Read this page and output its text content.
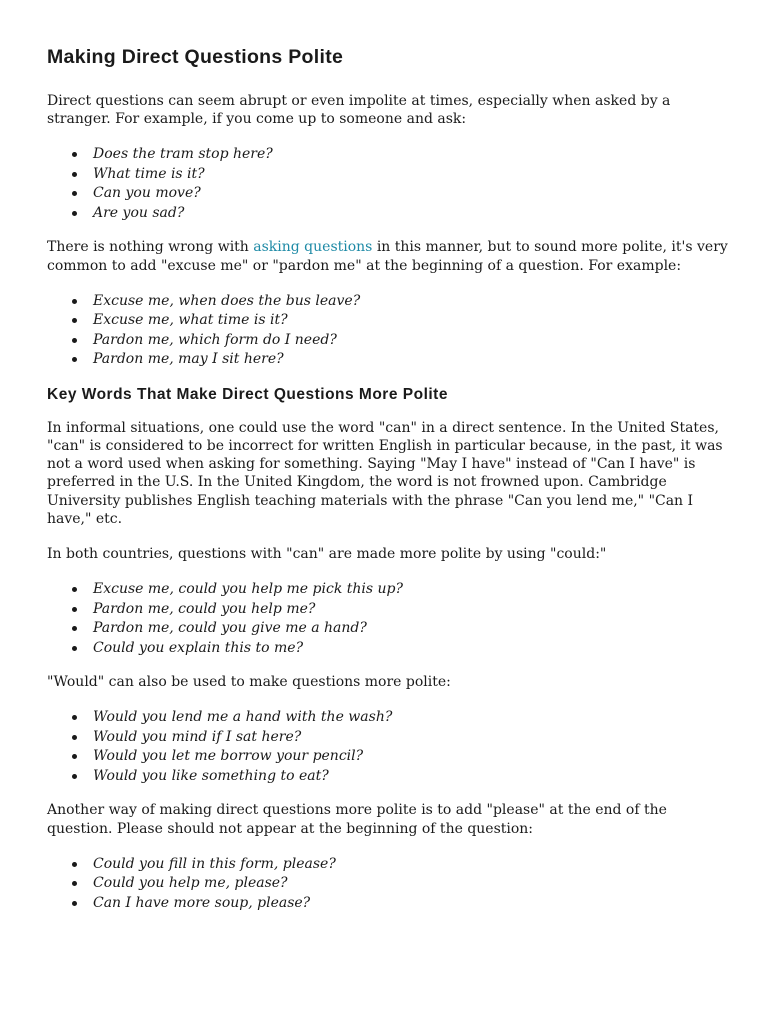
Making Direct Questions Polite

Direct questions can seem abrupt or even impolite at times, especially when asked by a stranger. For example, if you come up to someone and ask:

Does the tram stop here?
What time is it?
Can you move?
Are you sad?

There is nothing wrong with asking questions in this manner, but to sound more polite, it's very common to add "excuse me" or "pardon me" at the beginning of a question. For example:

Excuse me, when does the bus leave?
Excuse me, what time is it?
Pardon me, which form do I need?
Pardon me, may I sit here?
Key Words That Make Direct Questions More Polite

In informal situations, one could use the word "can" in a direct sentence. In the United States, "can" is considered to be incorrect for written English in particular because, in the past, it was not a word used when asking for something. Saying "May I have" instead of "Can I have" is preferred in the U.S. In the United Kingdom, the word is not frowned upon. Cambridge University publishes English teaching materials with the phrase "Can you lend me," "Can I have," etc.

In both countries, questions with "can" are made more polite by using "could:"

Excuse me, could you help me pick this up?
Pardon me, could you help me?
Pardon me, could you give me a hand?
Could you explain this to me?

"Would" can also be used to make questions more polite:

Would you lend me a hand with the wash?
Would you mind if I sat here?
Would you let me borrow your pencil?
Would you like something to eat?

Another way of making direct questions more polite is to add "please" at the end of the question. Please should not appear at the beginning of the question:

Could you fill in this form, please?
Could you help me, please?
Can I have more soup, please?
